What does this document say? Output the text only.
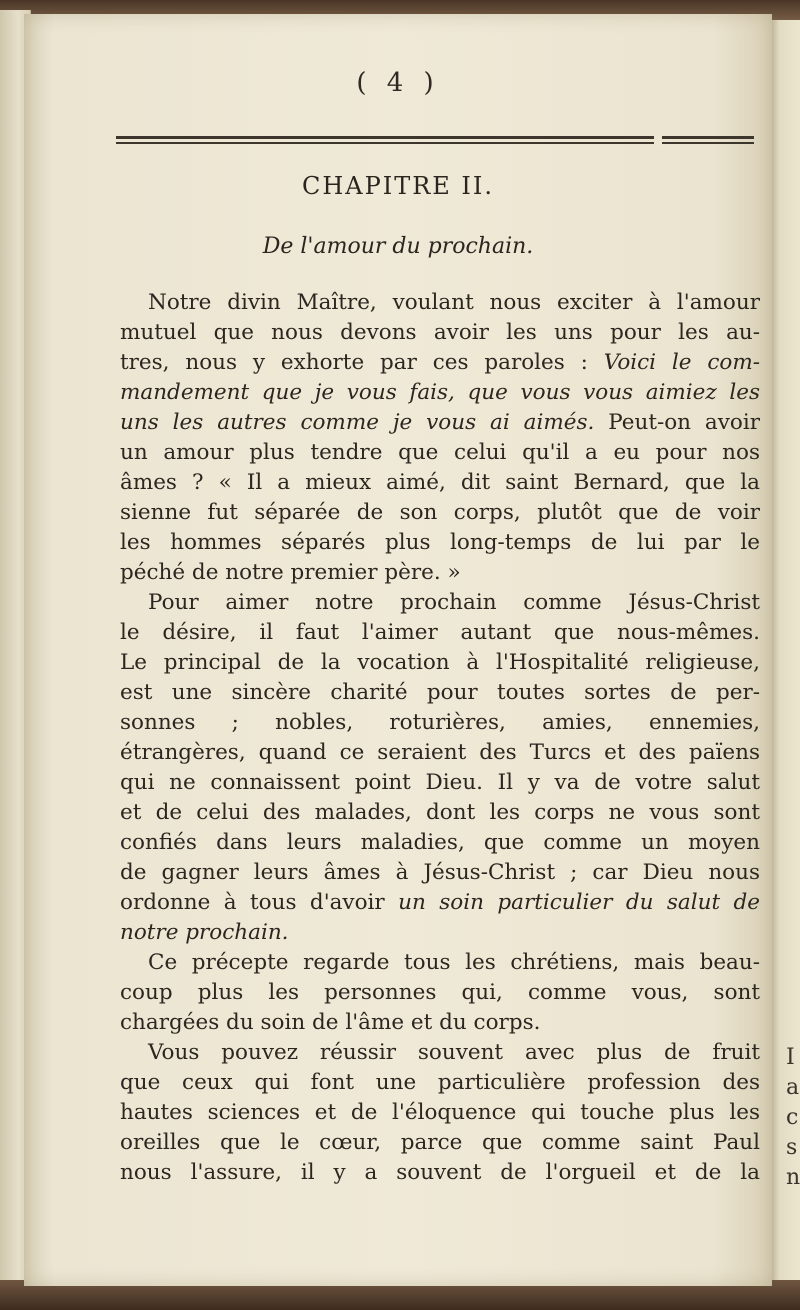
I
a
c
s
n
( 4 )
CHAPITRE II.
De l'amour du prochain.
Notre divin Maître, voulant nous exciter à l'amour
mutuel que nous devons avoir les uns pour les au-
tres, nous y exhorte par ces paroles : Voici le com-
mandement que je vous fais, que vous vous aimiez les
uns les autres comme je vous ai aimés. Peut-on avoir
un amour plus tendre que celui qu'il a eu pour nos
âmes ? « Il a mieux aimé, dit saint Bernard, que la
sienne fut séparée de son corps, plutôt que de voir
les hommes séparés plus long-temps de lui par le
péché de notre premier père. »
Pour aimer notre prochain comme Jésus-Christ
le désire, il faut l'aimer autant que nous-mêmes.
Le principal de la vocation à l'Hospitalité religieuse,
est une sincère charité pour toutes sortes de per-
sonnes ; nobles, roturières, amies, ennemies,
étrangères, quand ce seraient des Turcs et des païens
qui ne connaissent point Dieu. Il y va de votre salut
et de celui des malades, dont les corps ne vous sont
confiés dans leurs maladies, que comme un moyen
de gagner leurs âmes à Jésus-Christ ; car Dieu nous
ordonne à tous d'avoir un soin particulier du salut de
notre prochain.
Ce précepte regarde tous les chrétiens, mais beau-
coup plus les personnes qui, comme vous, sont
chargées du soin de l'âme et du corps.
Vous pouvez réussir souvent avec plus de fruit
que ceux qui font une particulière profession des
hautes sciences et de l'éloquence qui touche plus les
oreilles que le cœur, parce que comme saint Paul
nous l'assure, il y a souvent de l'orgueil et de la
